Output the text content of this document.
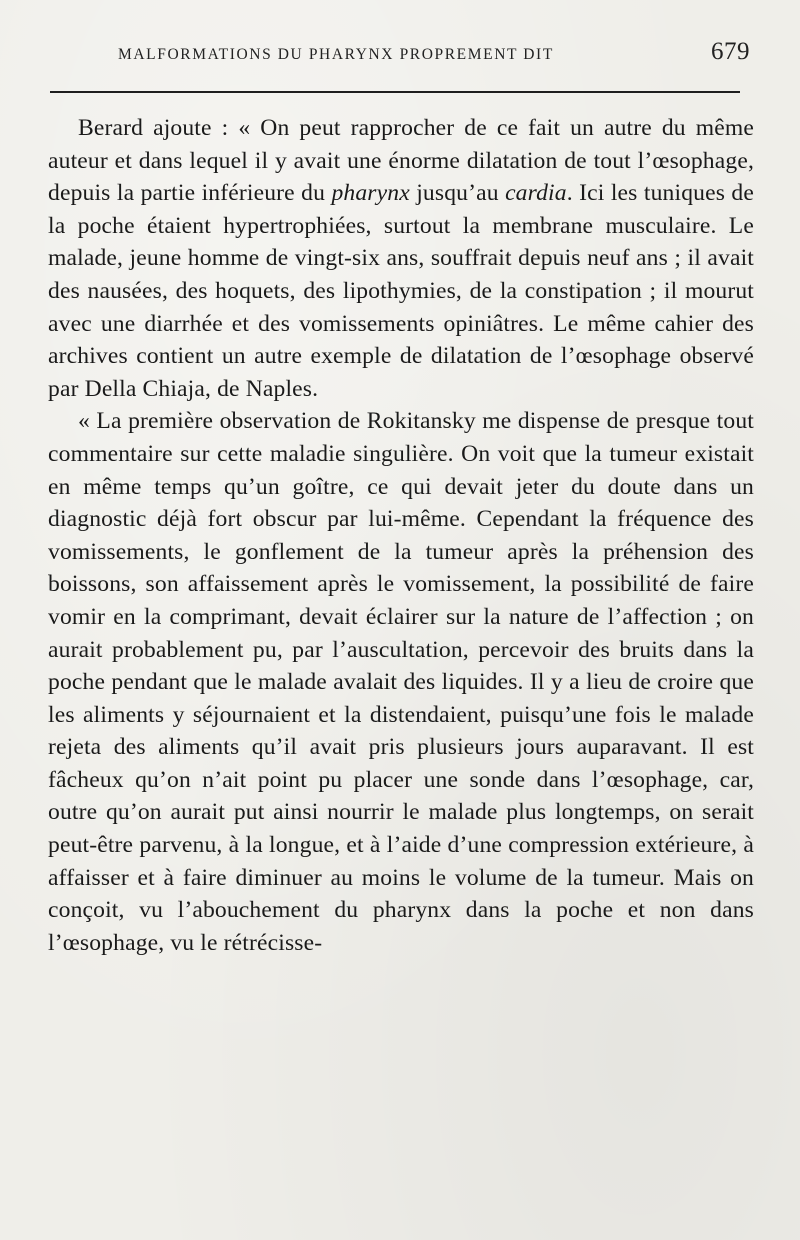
MALFORMATIONS DU PHARYNX PROPREMENT DIT	679

Berard ajoute : « On peut rapprocher de ce fait un autre du même auteur et dans lequel il y avait une énorme dilatation de tout l’œsophage, depuis la partie inférieure du pharynx jusqu’au cardia. Ici les tuniques de la poche étaient hypertrophiées, surtout la membrane musculaire. Le malade, jeune homme de vingt-six ans, souffrait depuis neuf ans ; il avait des nausées, des hoquets, des lipothymies, de la constipation ; il mourut avec une diarrhée et des vomissements opiniâtres. Le même cahier des archives contient un autre exemple de dilatation de l’œsophage observé par Della Chiaja, de Naples.

« La première observation de Rokitansky me dispense de presque tout commentaire sur cette maladie singulière. On voit que la tumeur existait en même temps qu’un goître, ce qui devait jeter du doute dans un diagnostic déjà fort obscur par lui-même. Cependant la fréquence des vomissements, le gonflement de la tumeur après la préhension des boissons, son affaissement après le vomissement, la possibilité de faire vomir en la comprimant, devait éclairer sur la nature de l’affection ; on aurait probablement pu, par l’auscultation, percevoir des bruits dans la poche pendant que le malade avalait des liquides. Il y a lieu de croire que les aliments y séjournaient et la distendaient, puisqu’une fois le malade rejeta des aliments qu’il avait pris plusieurs jours auparavant. Il est fâcheux qu’on n’ait point pu placer une sonde dans l’œsophage, car, outre qu’on aurait put ainsi nourrir le malade plus longtemps, on serait peut-être parvenu, à la longue, et à l’aide d’une compression extérieure, à affaisser et à faire diminuer au moins le volume de la tumeur. Mais on conçoit, vu l’abouchement du pharynx dans la poche et non dans l’œsophage, vu le rétrécisse-
